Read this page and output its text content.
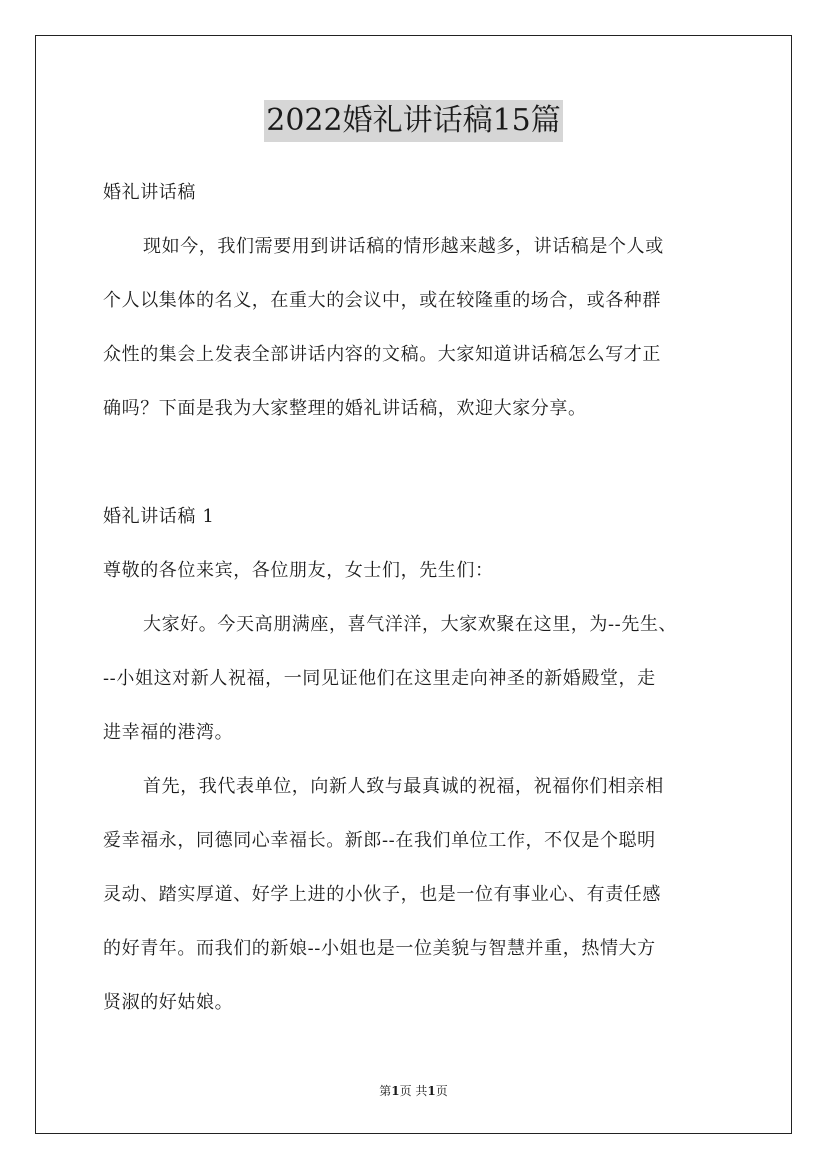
2022婚礼讲话稿15篇
婚礼讲话稿
现如今，我们需要用到讲话稿的情形越来越多，讲话稿是个人或
个人以集体的名义，在重大的会议中，或在较隆重的场合，或各种群
众性的集会上发表全部讲话内容的文稿。大家知道讲话稿怎么写才正
确吗？下面是我为大家整理的婚礼讲话稿，欢迎大家分享。
婚礼讲话稿 1
尊敬的各位来宾，各位朋友，女士们，先生们：
大家好。今天高朋满座，喜气洋洋，大家欢聚在这里，为--先生、
--小姐这对新人祝福，一同见证他们在这里走向神圣的新婚殿堂，走
进幸福的港湾。
首先，我代表单位，向新人致与最真诚的祝福，祝福你们相亲相
爱幸福永，同德同心幸福长。新郎--在我们单位工作，不仅是个聪明
灵动、踏实厚道、好学上进的小伙子，也是一位有事业心、有责任感
的好青年。而我们的新娘--小姐也是一位美貌与智慧并重，热情大方
贤淑的好姑娘。
第1页 共1页
